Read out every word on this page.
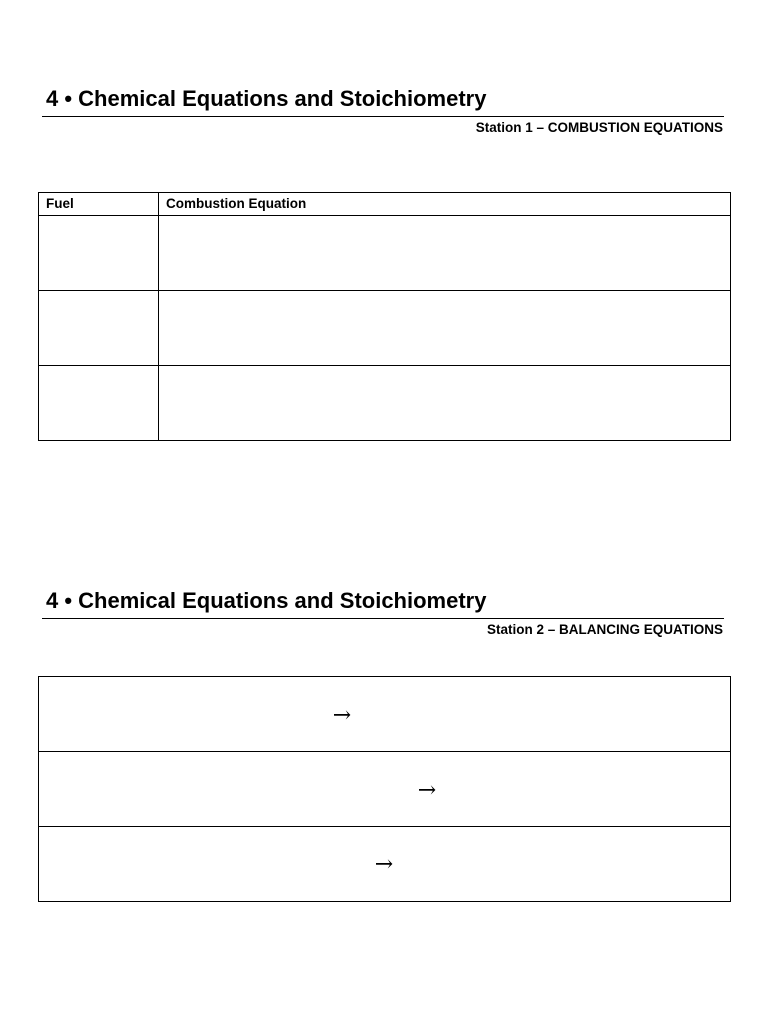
4 • Chemical Equations and Stoichiometry
Station 1 – COMBUSTION EQUATIONS
Fuel	Combustion Equation

4 • Chemical Equations and Stoichiometry
Station 2 – BALANCING EQUATIONS
→

→

→
